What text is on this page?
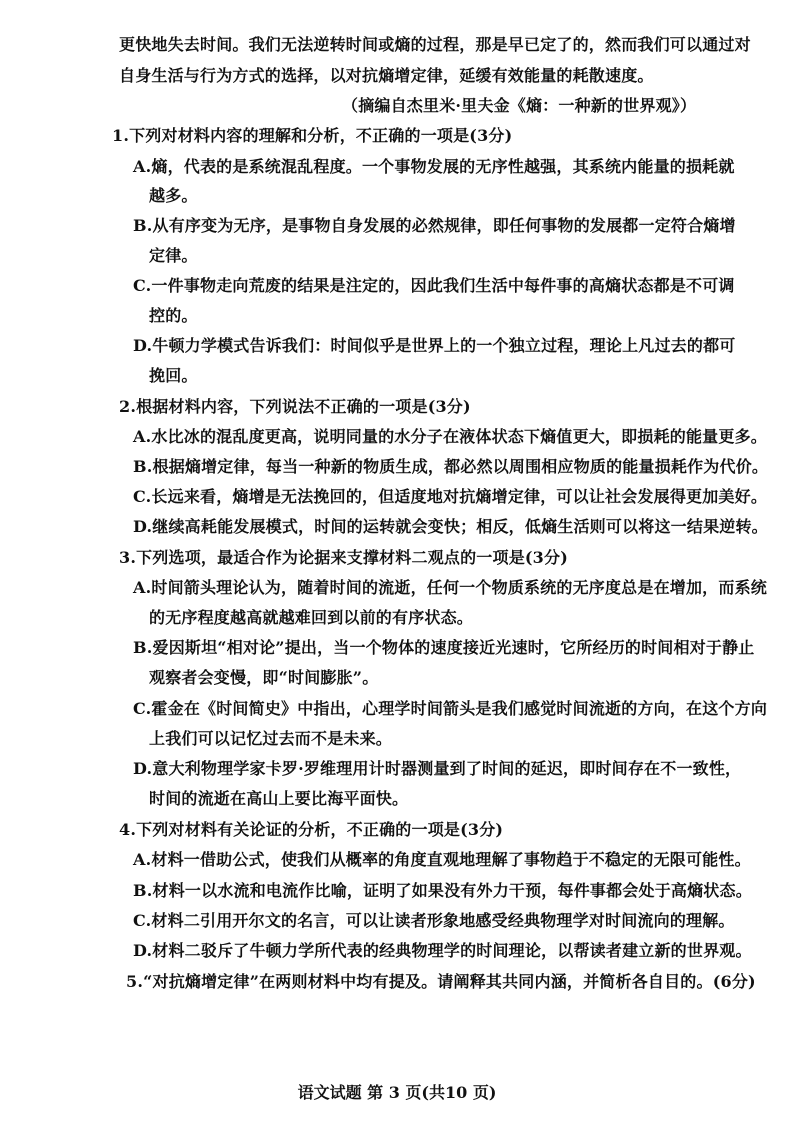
更快地失去时间。我们无法逆转时间或熵的过程，那是早已定了的，然而我们可以通过对
自身生活与行为方式的选择，以对抗熵增定律，延缓有效能量的耗散速度。
（摘编自杰里米·里夫金《熵：一种新的世界观》）
1.下列对材料内容的理解和分析，不正确的一项是(3分)
A.熵，代表的是系统混乱程度。一个事物发展的无序性越强，其系统内能量的损耗就
越多。
B.从有序变为无序，是事物自身发展的必然规律，即任何事物的发展都一定符合熵增
定律。
C.一件事物走向荒废的结果是注定的，因此我们生活中每件事的高熵状态都是不可调
控的。
D.牛顿力学模式告诉我们：时间似乎是世界上的一个独立过程，理论上凡过去的都可
挽回。
2.根据材料内容，下列说法不正确的一项是(3分)
A.水比冰的混乱度更高，说明同量的水分子在液体状态下熵值更大，即损耗的能量更多。
B.根据熵增定律，每当一种新的物质生成，都必然以周围相应物质的能量损耗作为代价。
C.长远来看，熵增是无法挽回的，但适度地对抗熵增定律，可以让社会发展得更加美好。
D.继续高耗能发展模式，时间的运转就会变快；相反，低熵生活则可以将这一结果逆转。
3.下列选项，最适合作为论据来支撑材料二观点的一项是(3分)
A.时间箭头理论认为，随着时间的流逝，任何一个物质系统的无序度总是在增加，而系统
的无序程度越高就越难回到以前的有序状态。
B.爱因斯坦“相对论”提出，当一个物体的速度接近光速时，它所经历的时间相对于静止
观察者会变慢，即“时间膨胀”。
C.霍金在《时间简史》中指出，心理学时间箭头是我们感觉时间流逝的方向，在这个方向
上我们可以记忆过去而不是未来。
D.意大利物理学家卡罗·罗维理用计时器测量到了时间的延迟，即时间存在不一致性，
时间的流逝在高山上要比海平面快。
4.下列对材料有关论证的分析，不正确的一项是(3分)
A.材料一借助公式，使我们从概率的角度直观地理解了事物趋于不稳定的无限可能性。
B.材料一以水流和电流作比喻，证明了如果没有外力干预，每件事都会处于高熵状态。
C.材料二引用开尔文的名言，可以让读者形象地感受经典物理学对时间流向的理解。
D.材料二驳斥了牛顿力学所代表的经典物理学的时间理论，以帮读者建立新的世界观。
5.“对抗熵增定律”在两则材料中均有提及。请阐释其共同内涵，并简析各自目的。(6分)
语文试题 第 3 页(共10 页)
